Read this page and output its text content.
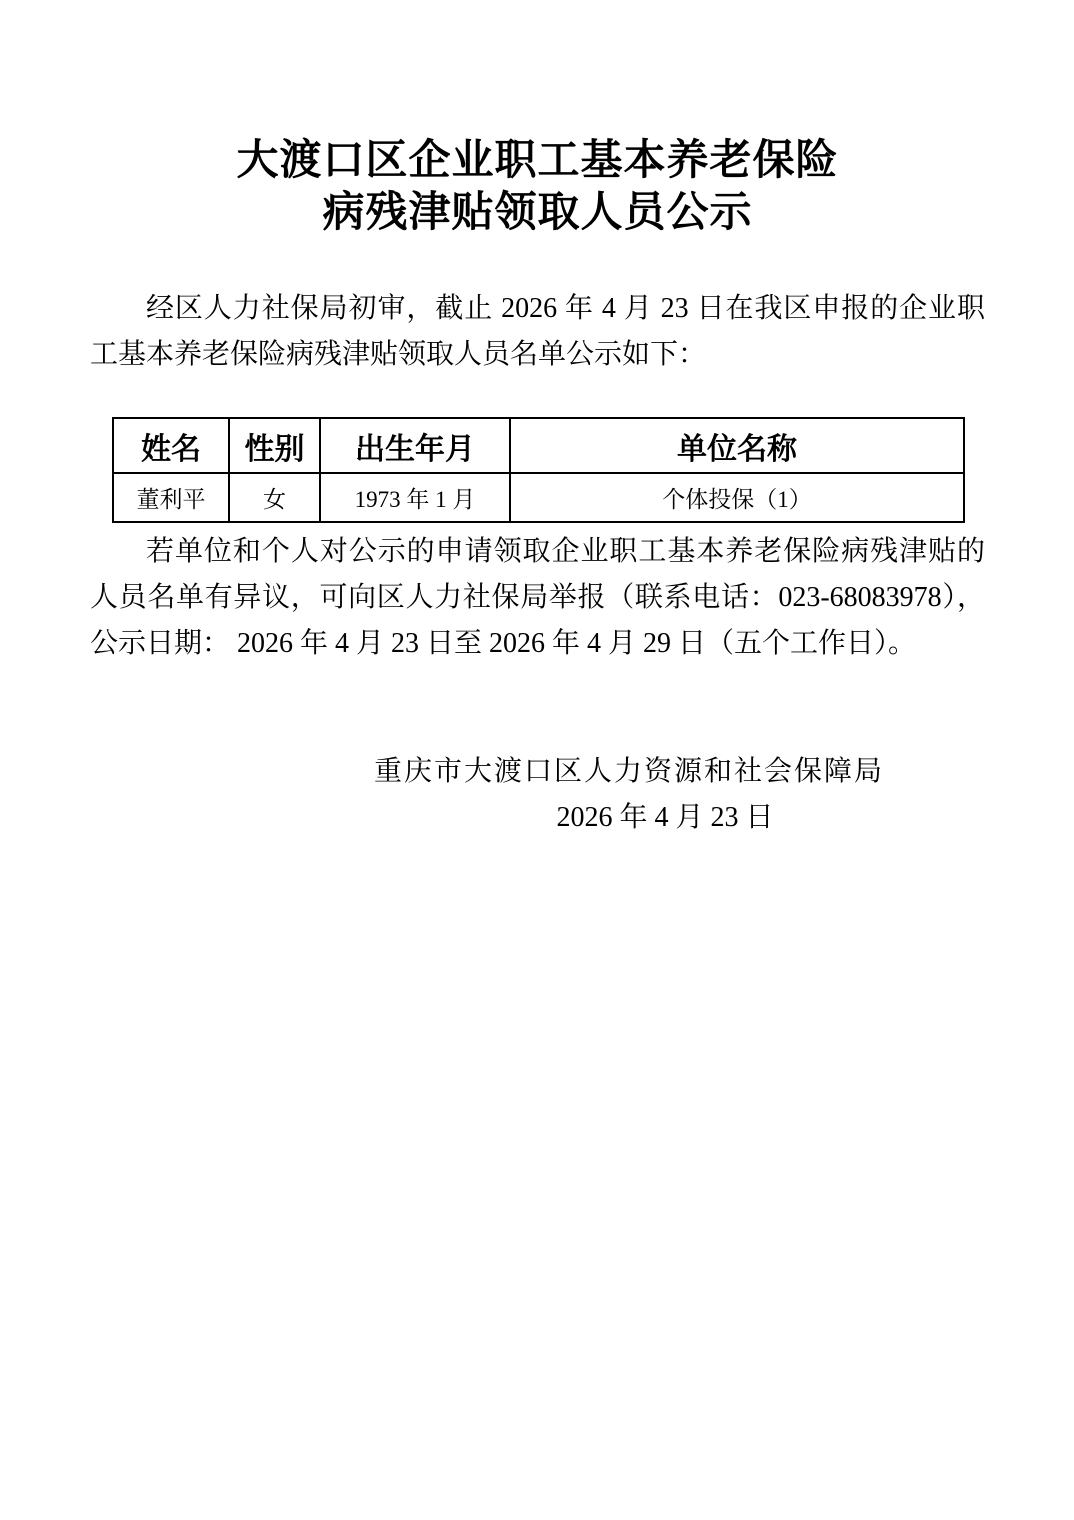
大渡口区企业职工基本养老保险
病残津贴领取人员公示
经区人力社保局初审，截止 2026 年 4 月 23 日在我区申报的企业职
工基本养老保险病残津贴领取人员名单公示如下：
姓名	性别	出生年月	单位名称
董利平	女	1973 年 1 月	个体投保（1）
若单位和个人对公示的申请领取企业职工基本养老保险病残津贴的
人员名单有异议，可向区人力社保局举报（联系电话：023-68083978），
公示日期： 2026 年 4 月 23 日至 2026 年 4 月 29 日（五个工作日）。
重庆市大渡口区人力资源和社会保障局
2026 年 4 月 23 日
